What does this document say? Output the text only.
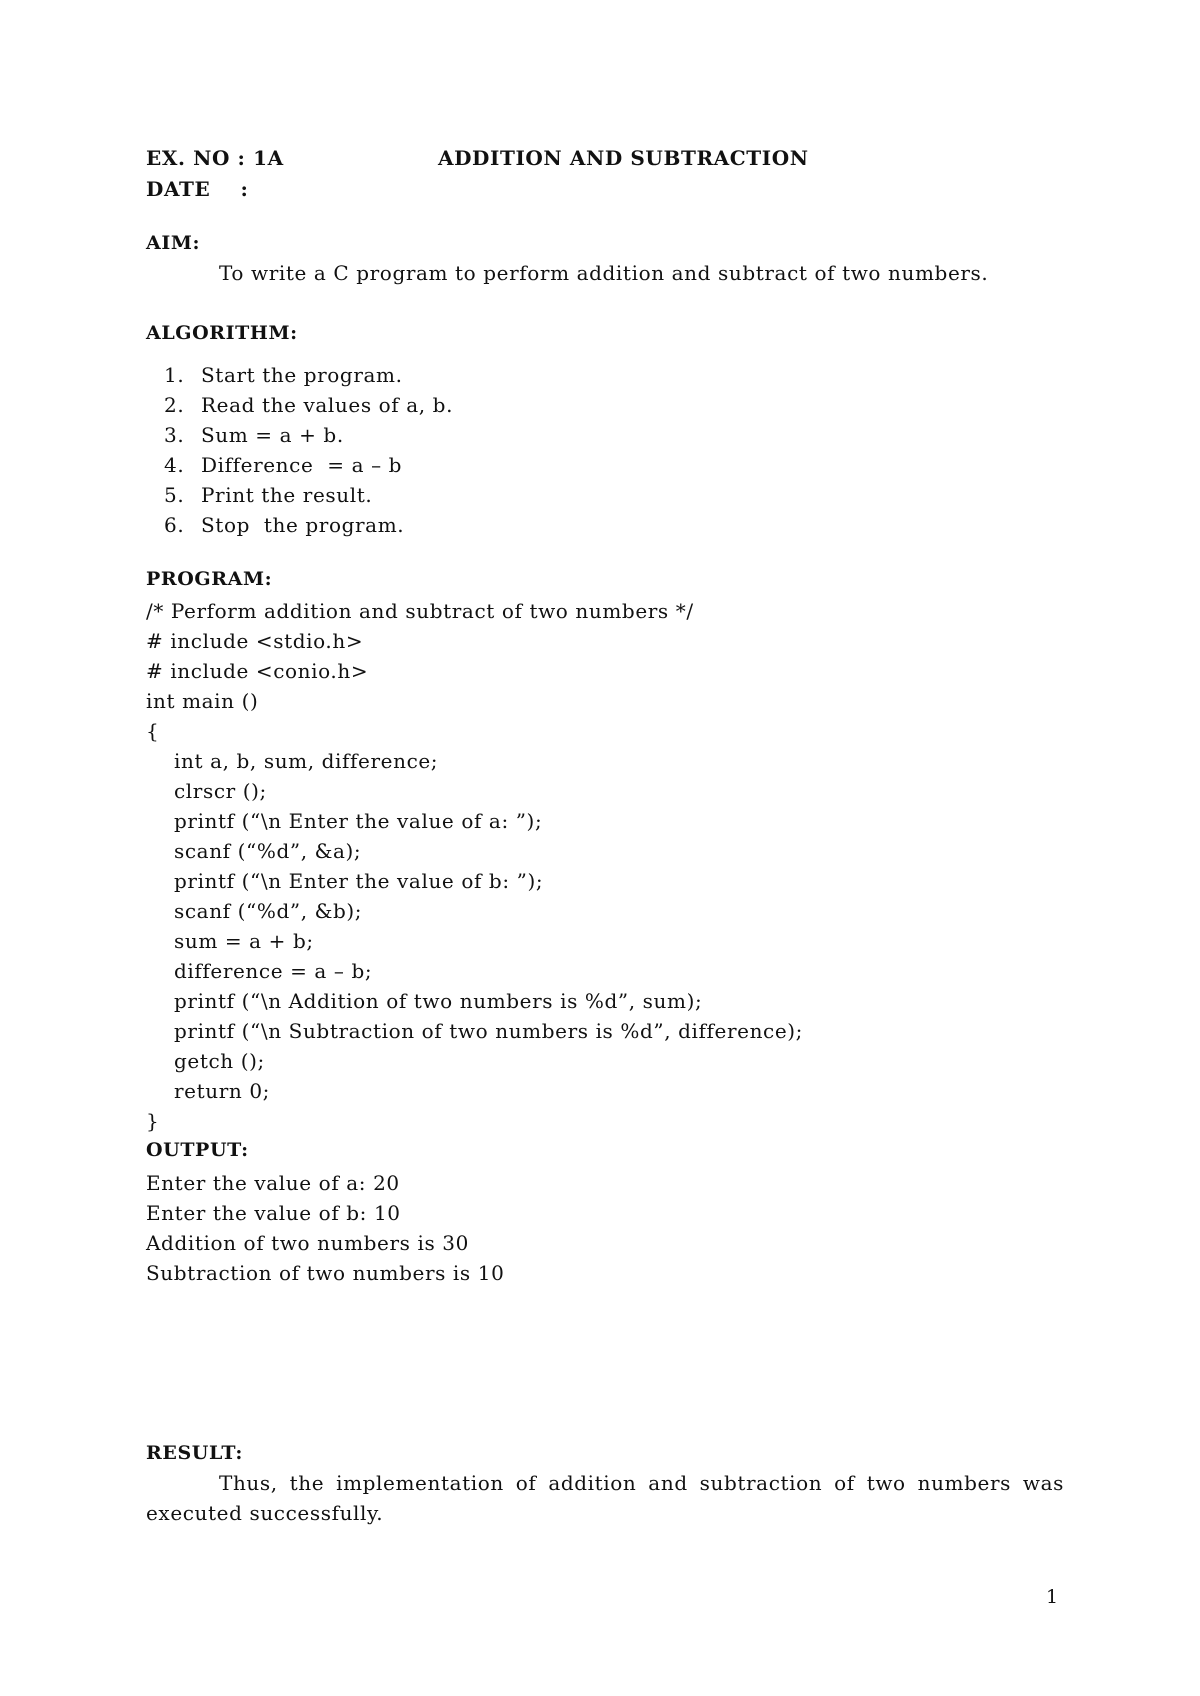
EX. NO : 1A	ADDITION AND SUBTRACTION
DATE    :
AIM:
To write a C program to perform addition and subtract of two numbers.
ALGORITHM:
1. Start the program.
2. Read the values of a, b.
3. Sum = a + b.
4. Difference  = a – b
5. Print the result.
6. Stop  the program.
PROGRAM:
/* Perform addition and subtract of two numbers */
# include <stdio.h>
# include <conio.h>
int main ()
{
int a, b, sum, difference;
clrscr ();
printf (“\n Enter the value of a: ”);
scanf (“%d”, &a);
printf (“\n Enter the value of b: ”);
scanf (“%d”, &b);
sum = a + b;
difference = a – b;
printf (“\n Addition of two numbers is %d”, sum);
printf (“\n Subtraction of two numbers is %d”, difference);
getch ();
return 0;
}
OUTPUT:
Enter the value of a: 20
Enter the value of b: 10
Addition of two numbers is 30
Subtraction of two numbers is 10
RESULT:
Thus, the implementation of addition and subtraction of two numbers was
executed successfully.
1
